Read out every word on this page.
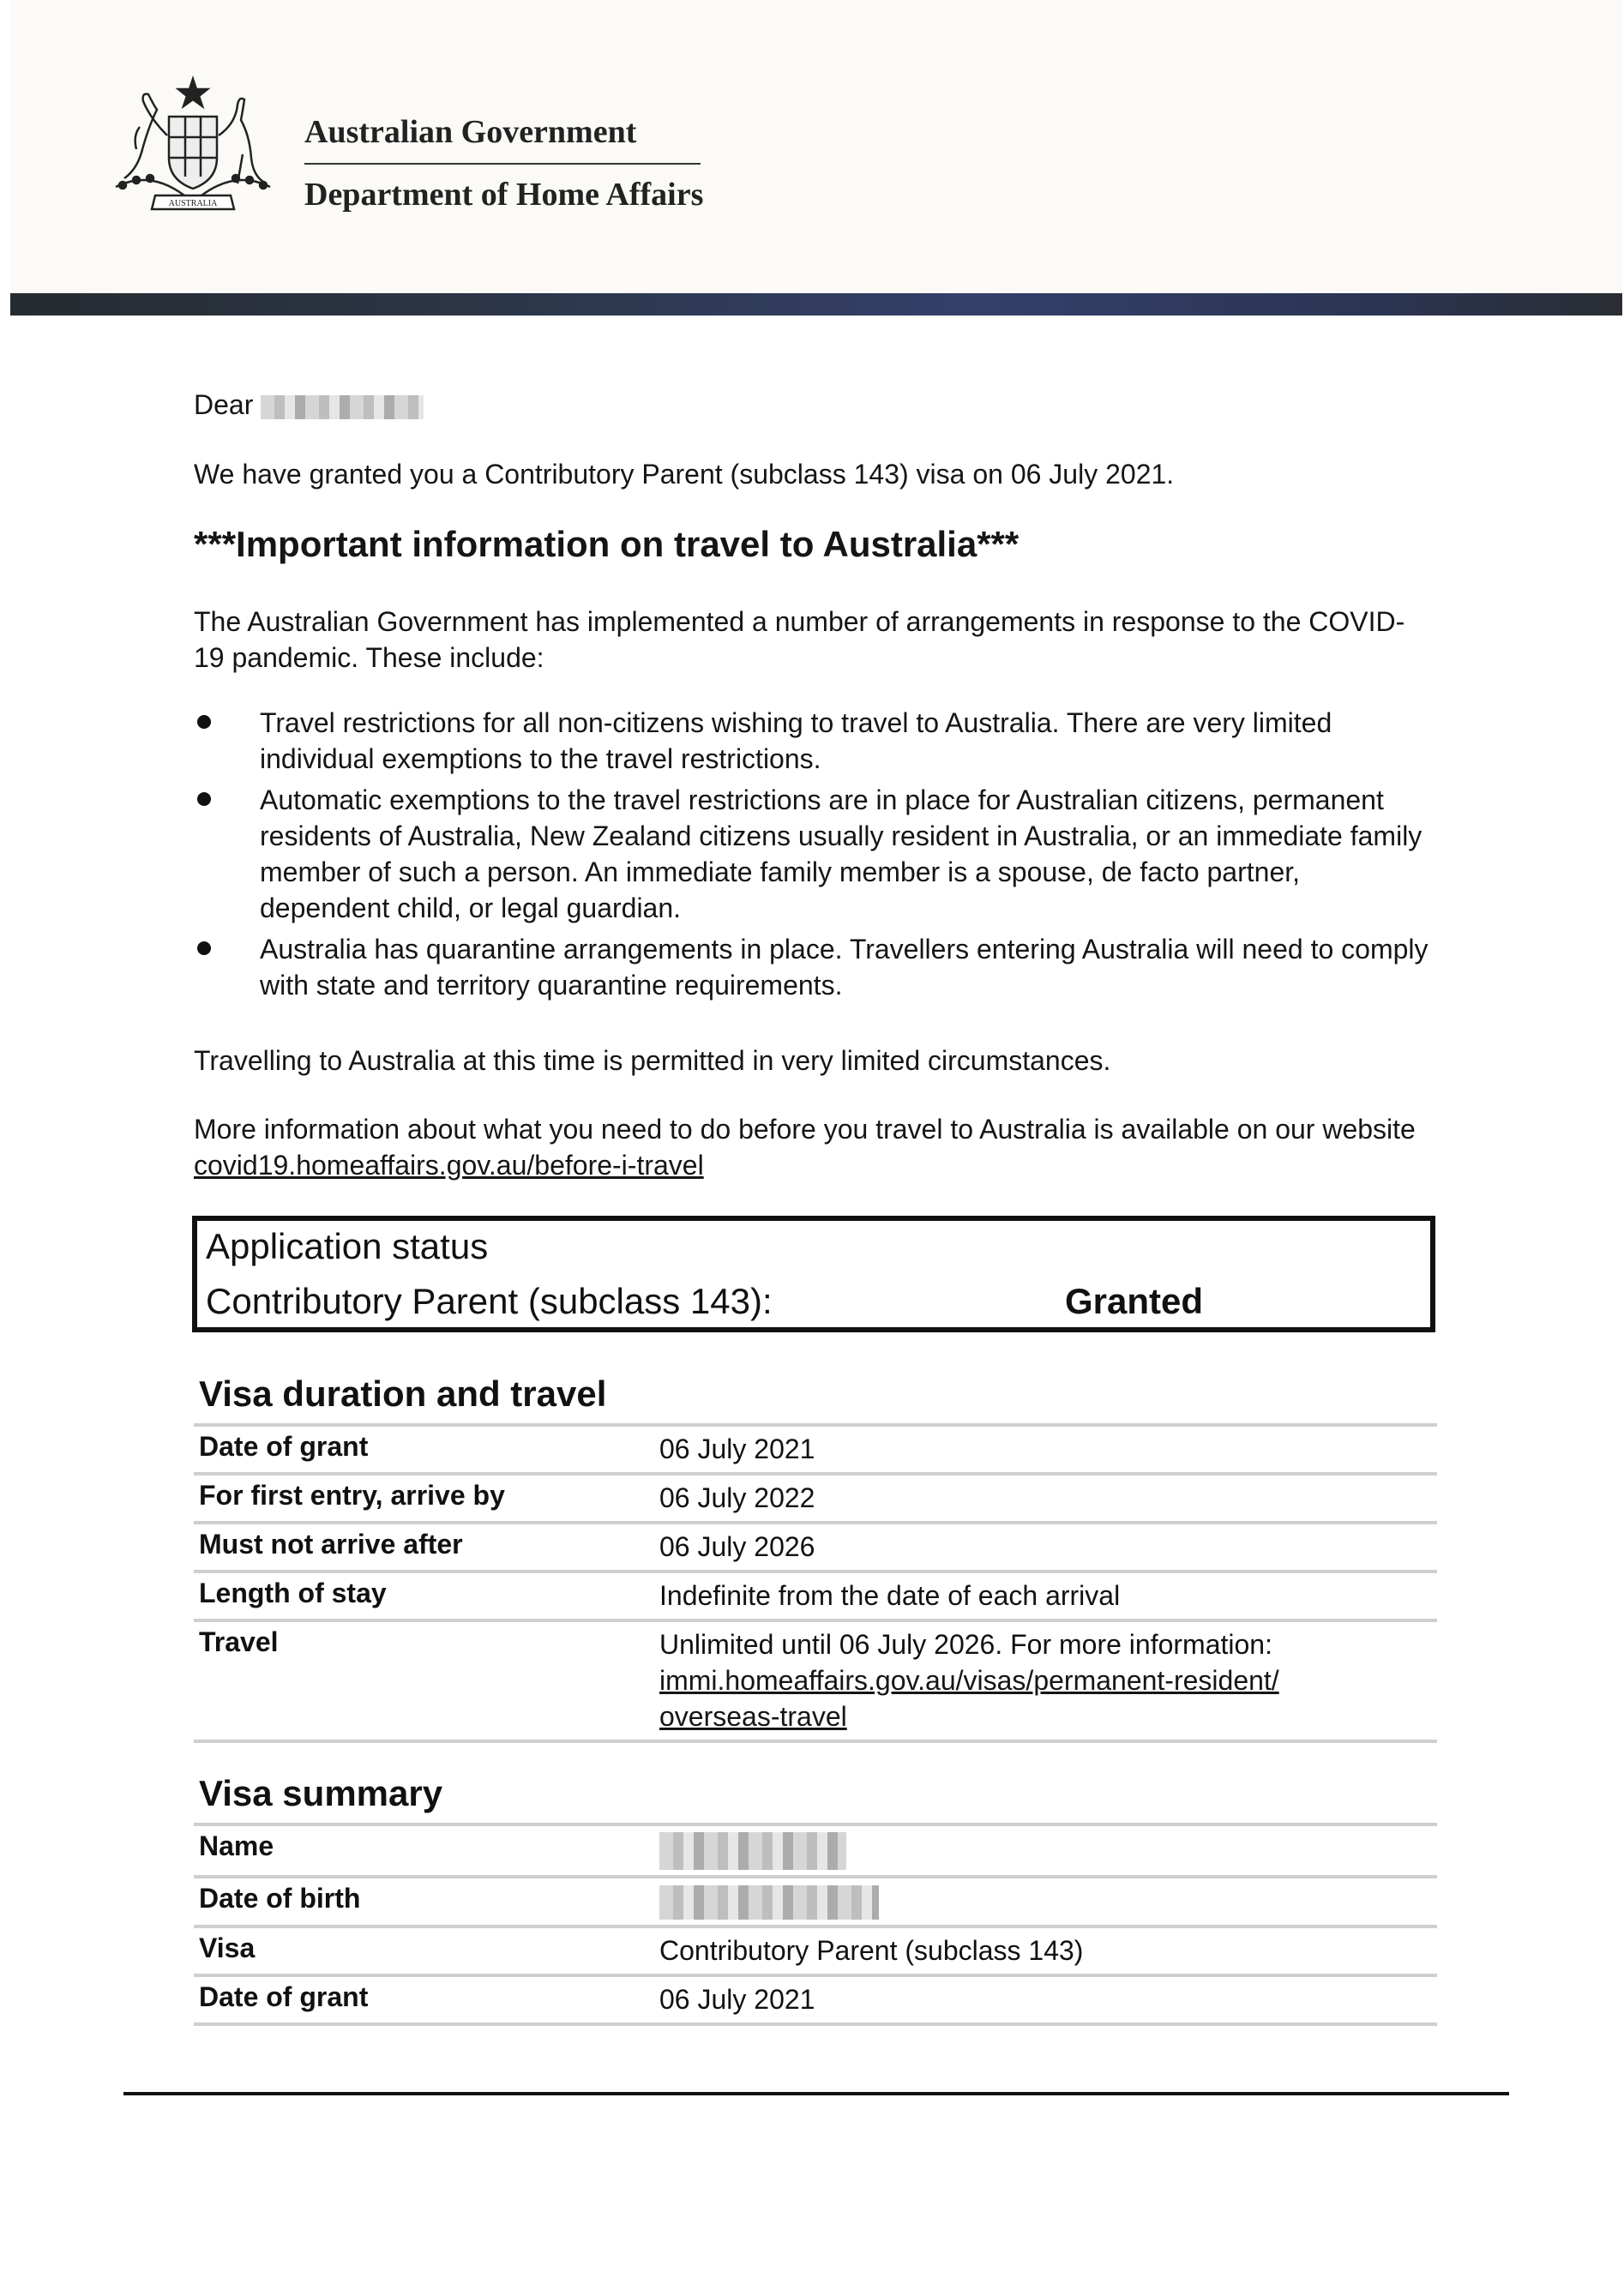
AUSTRALIA
Australian Government
Department of Home Affairs
Dear
We have granted you a Contributory Parent (subclass 143) visa on 06 July 2021.
***Important information on travel to Australia***
The Australian Government has implemented a number of arrangements in response to the COVID-19 pandemic. These include:
Travel restrictions for all non-citizens wishing to travel to Australia. There are very limited individual exemptions to the travel restrictions.
Automatic exemptions to the travel restrictions are in place for Australian citizens, permanent residents of Australia, New Zealand citizens usually resident in Australia, or an immediate family member of such a person. An immediate family member is a spouse, de facto partner, dependent child, or legal guardian.
Australia has quarantine arrangements in place. Travellers entering Australia will need to comply with state and territory quarantine requirements.
Travelling to Australia at this time is permitted in very limited circumstances.
More information about what you need to do before you travel to Australia is available on our website covid19.homeaffairs.gov.au/before-i-travel
Application status
Contributory Parent (subclass 143):	Granted
Visa duration and travel
Date of grant	06 July 2021
For first entry, arrive by	06 July 2022
Must not arrive after	06 July 2026
Length of stay	Indefinite from the date of each arrival
Travel	Unlimited until 06 July 2026. For more information:
immi.homeaffairs.gov.au/visas/permanent-resident/ overseas-travel
Visa summary
Name
Date of birth
Visa	Contributory Parent (subclass 143)
Date of grant	06 July 2021
